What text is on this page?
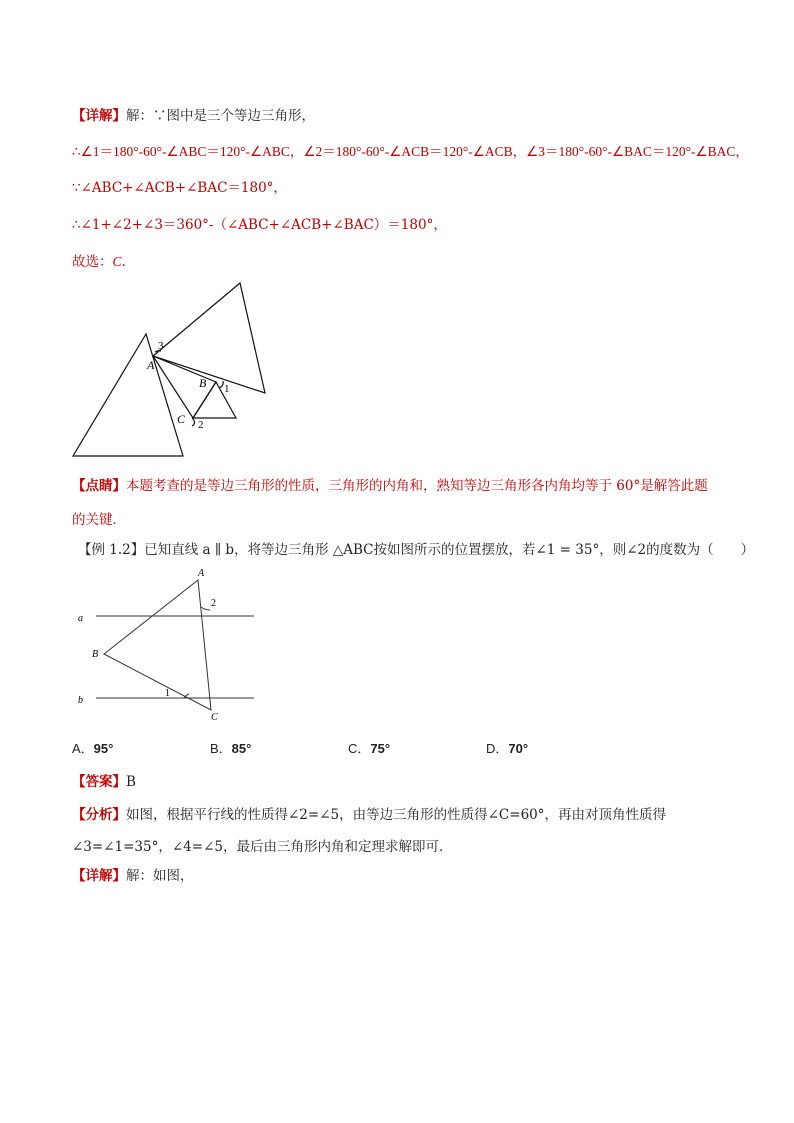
【详解】解：∵图中是三个等边三角形，
∴∠1＝180°-60°-∠ABC＝120°-∠ABC，∠2＝180°-60°-∠ACB＝120°-∠ACB，∠3＝180°-60°-∠BAC＝120°-∠BAC，
∵∠ABC+∠ACB+∠BAC＝180°，
∴∠1+∠2+∠3＝360°-（∠ABC+∠ACB+∠BAC）＝180°，
故选：C.
A
B
C
1
2
3
【点睛】本题考查的是等边三角形的性质，三角形的内角和，熟知等边三角形各内角均等于 60°是解答此题
的关键．
【例 1.2】已知直线 a ∥ b，将等边三角形 △ABC按如图所示的位置摆放，若∠1 = 35°，则∠2的度数为（　　）
A
B
C
a
b
1
2
A．95°	B．85°	C．75°	D．70°
【答案】B
【分析】如图，根据平行线的性质得∠2=∠5，由等边三角形的性质得∠C=60°，再由对顶角性质得
∠3=∠1=35°，∠4=∠5，最后由三角形内角和定理求解即可．
【详解】解：如图，
